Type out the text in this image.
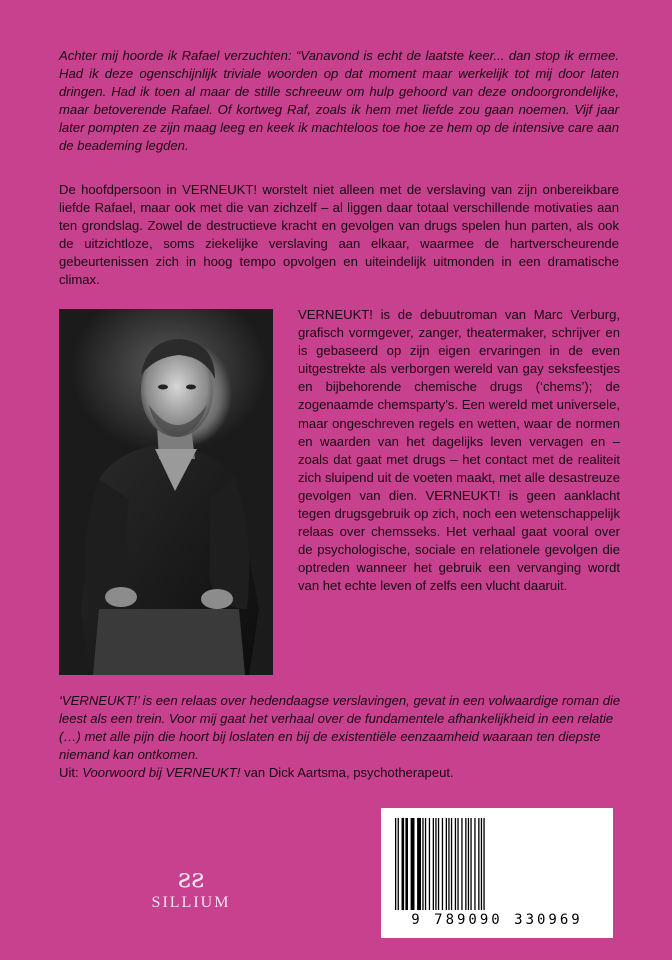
Achter mij hoorde ik Rafael verzuchten: “Vanavond is echt de laatste keer... dan stop ik ermee. Had ik deze ogenschijnlijk triviale woorden op dat moment maar werkelijk tot mij door laten dringen. Had ik toen al maar de stille schreeuw om hulp gehoord van deze ondoorgrondelijke, maar betoverende Rafael. Of kortweg Raf, zoals ik hem met liefde zou gaan noemen. Vijf jaar later pompten ze zijn maag leeg en keek ik machteloos toe hoe ze hem op de intensive care aan de beademing legden.

De hoofdpersoon in VERNEUKT! worstelt niet alleen met de verslaving van zijn onbereikbare liefde Rafael, maar ook met die van zichzelf – al liggen daar totaal verschillende motivaties aan ten grondslag. Zowel de destructieve kracht en gevolgen van drugs spelen hun parten, als ook de uitzichtloze, soms ziekelijke verslaving aan elkaar, waarmee de hartverscheurende gebeurtenissen zich in hoog tempo opvolgen en uiteindelijk uitmonden in een dramatische climax.

VERNEUKT! is de debuutroman van Marc Verburg, grafisch vormgever, zanger, theatermaker, schrijver en is gebaseerd op zijn eigen ervaringen in de even uitgestrekte als verborgen wereld van gay seksfeestjes en bijbehorende chemische drugs (‘chems’); de zogenaamde chemsparty’s. Een wereld met universele, maar ongeschreven regels en wetten, waar de normen en waarden van het dagelijks leven vervagen en – zoals dat gaat met drugs – het contact met de realiteit zich sluipend uit de voeten maakt, met alle desastreuze gevolgen van dien. VERNEUKT! is geen aanklacht tegen drugsgebruik op zich, noch een wetenschappelijk relaas over chemsseks. Het verhaal gaat vooral over de psychologische, sociale en relationele gevolgen die optreden wanneer het gebruik een vervanging wordt van het echte leven of zelfs een vlucht daaruit.

‘VERNEUKT!’ is een relaas over hedendaagse verslavingen, gevat in een volwaardige roman die leest als een trein. Voor mij gaat het verhaal over de fundamentele afhankelijkheid in een relatie (…) met alle pijn die hoort bij loslaten en bij de existentiële eenzaamheid waaraan ten diepste niemand kan ontkomen.
Uit: Voorwoord bij VERNEUKT! van Dick Aartsma, psychotherapeut.
ƨƨ
SILLIUM
9 789090 330969
